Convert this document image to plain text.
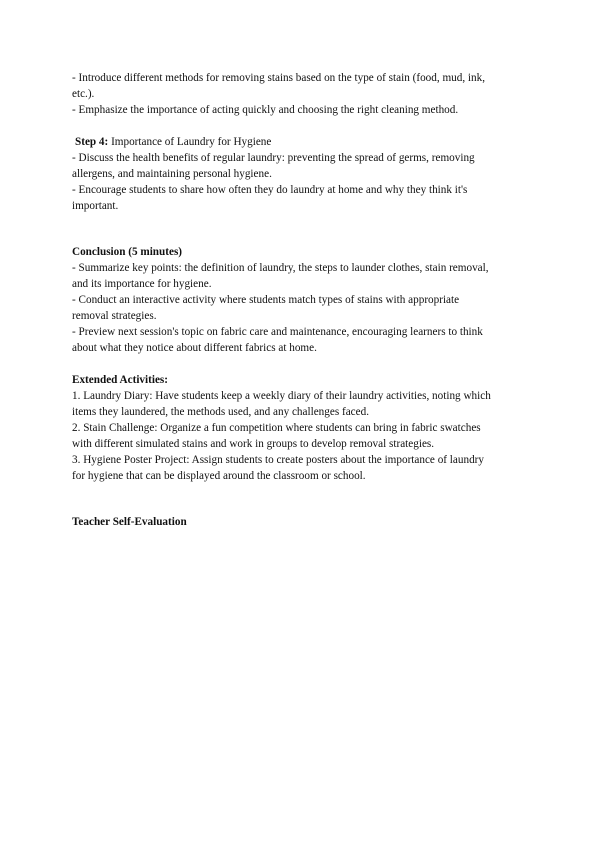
- Introduce different methods for removing stains based on the type of stain (food, mud, ink,
etc.).
- Emphasize the importance of acting quickly and choosing the right cleaning method.
Step 4: Importance of Laundry for Hygiene
- Discuss the health benefits of regular laundry: preventing the spread of germs, removing
allergens, and maintaining personal hygiene.
- Encourage students to share how often they do laundry at home and why they think it's
important.
Conclusion (5 minutes)
- Summarize key points: the definition of laundry, the steps to launder clothes, stain removal,
and its importance for hygiene.
- Conduct an interactive activity where students match types of stains with appropriate
removal strategies.
- Preview next session's topic on fabric care and maintenance, encouraging learners to think
about what they notice about different fabrics at home.
Extended Activities:
1. Laundry Diary: Have students keep a weekly diary of their laundry activities, noting which
items they laundered, the methods used, and any challenges faced.
2. Stain Challenge: Organize a fun competition where students can bring in fabric swatches
with different simulated stains and work in groups to develop removal strategies.
3. Hygiene Poster Project: Assign students to create posters about the importance of laundry
for hygiene that can be displayed around the classroom or school.
Teacher Self-Evaluation
